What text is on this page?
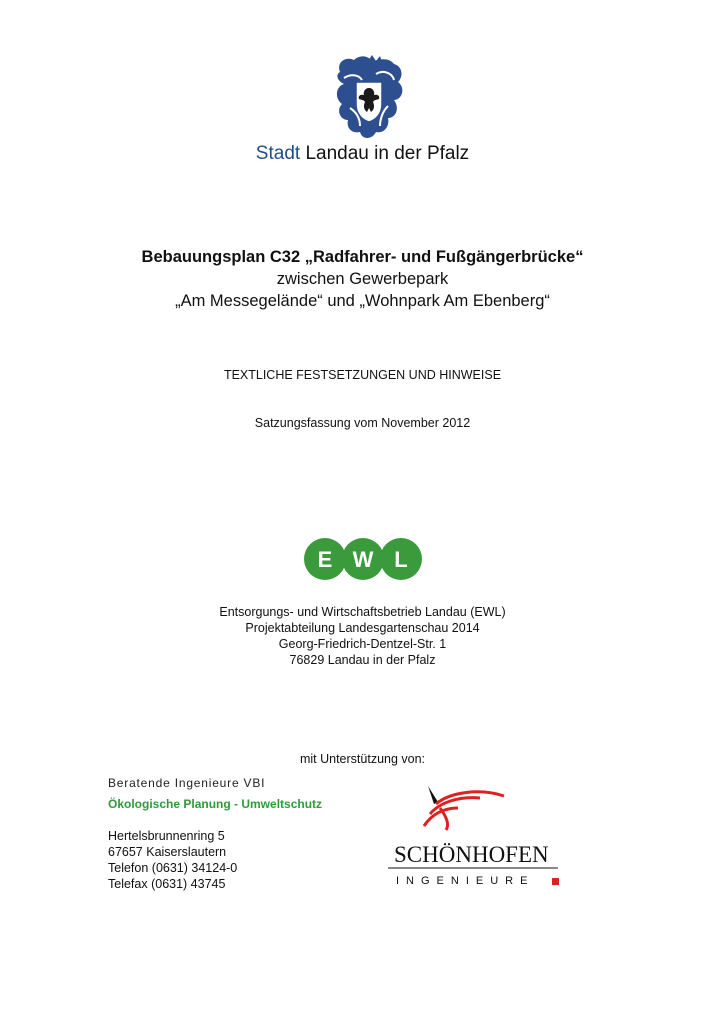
Stadt Landau in der Pfalz
Bebauungsplan C32 „Radfahrer- und Fußgängerbrücke“
zwischen Gewerbepark
„Am Messegelände“ und „Wohnpark Am Ebenberg“
TEXTLICHE FESTSETZUNGEN UND HINWEISE
Satzungsfassung vom November 2012
E W L
Entsorgungs- und Wirtschaftsbetrieb Landau (EWL)
Projektabteilung Landesgartenschau 2014
Georg-Friedrich-Dentzel-Str. 1
76829 Landau in der Pfalz
mit Unterstützung von:
Beratende Ingenieure VBI
Ökologische Planung - Umweltschutz
Hertelsbrunnenring 5
67657 Kaiserslautern
Telefon (0631) 34124-0
Telefax (0631) 43745
SCHÖNHOFEN
INGENIEURE
